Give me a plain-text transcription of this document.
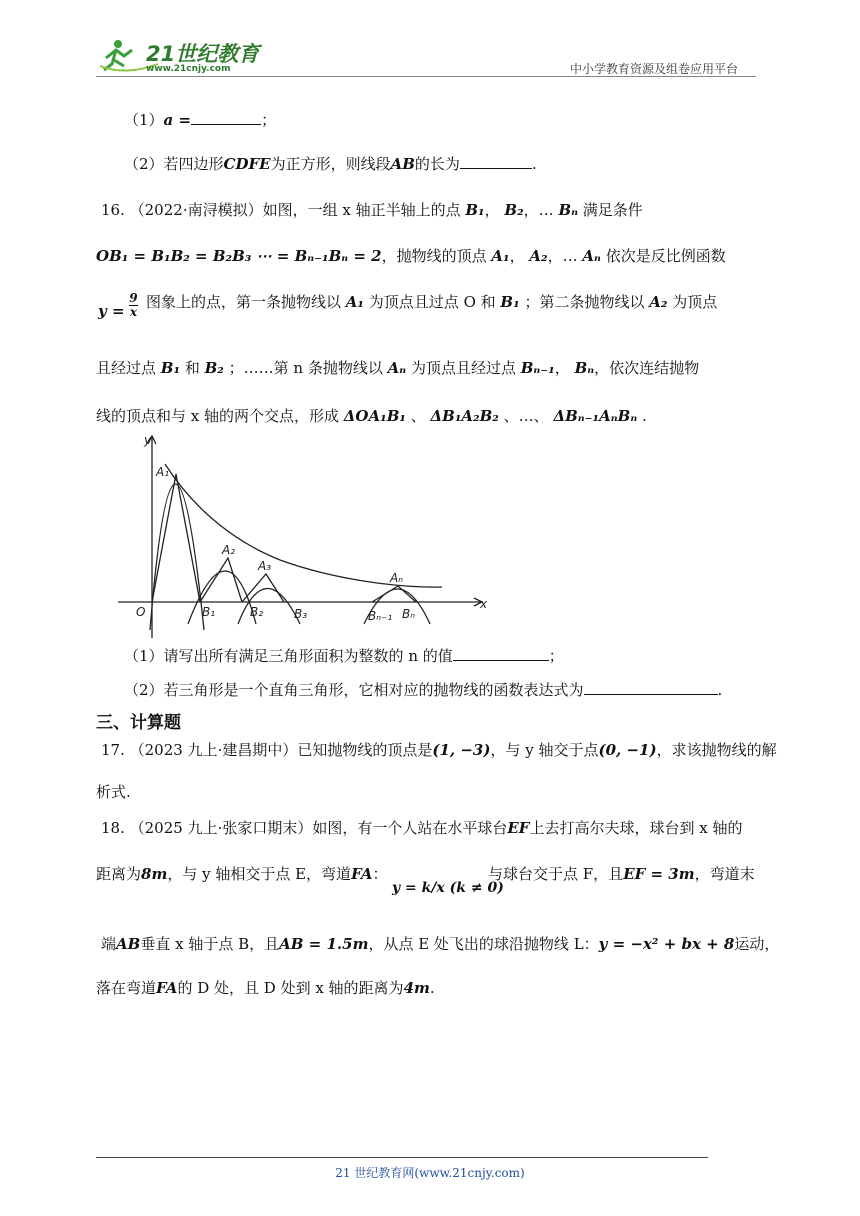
21世纪教育
www.21cnjy.com	中小学教育资源及组卷应用平台
（1）a =	；
（2）若四边形CDFE为正方形，则线段AB的长为	.
16. （2022·南浔模拟）如图，一组 x 轴正半轴上的点 B₁， B₂，… Bₙ 满足条件
OB₁ = B₁B₂ = B₂B₃ ⋯ = Bₙ₋₁Bₙ = 2，抛物线的顶点 A₁， A₂，… Aₙ 依次是反比例函数
$y = \frac{9}{x}$ 图象上的点，第一条抛物线以 A₁ 为顶点且过点 O 和 B₁ ；第二条抛物线以 A₂ 为顶点
且经过点 B₁ 和 B₂ ；……第 n 条抛物线以 Aₙ 为顶点且经过点 Bₙ₋₁， Bₙ，依次连结抛物
线的顶点和与 x 轴的两个交点，形成 ΔOA₁B₁ 、 ΔB₁A₂B₂ 、…、 ΔBₙ₋₁AₙBₙ .
y
x
O
A₁
A₂
A₃
Aₙ
B₁	B₂	B₃	Bₙ₋₁ Bₙ
（1）请写出所有满足三角形面积为整数的 n 的值	；
（2）若三角形是一个直角三角形，它相对应的抛物线的函数表达式为	.
三、计算题
17. （2023 九上·建昌期中）已知抛物线的顶点是(1, −3)，与 y 轴交于点(0, −1)，求该抛物线的解
析式.
18. （2025 九上·张家口期末）如图，有一个人站在水平球台EF上去打高尔夫球，球台到 x 轴的
距离为8m，与 y 轴相交于点 E，弯道FA：
y = k/x (k ≠ 0)
与球台交于点 F，且EF = 3m，弯道末
端AB垂直 x 轴于点 B，且AB = 1.5m，从点 E 处飞出的球沿抛物线 L：y = −x² + bx + 8运动，
落在弯道FA的 D 处，且 D 处到 x 轴的距离为4m.
21 世纪教育网(www.21cnjy.com)
